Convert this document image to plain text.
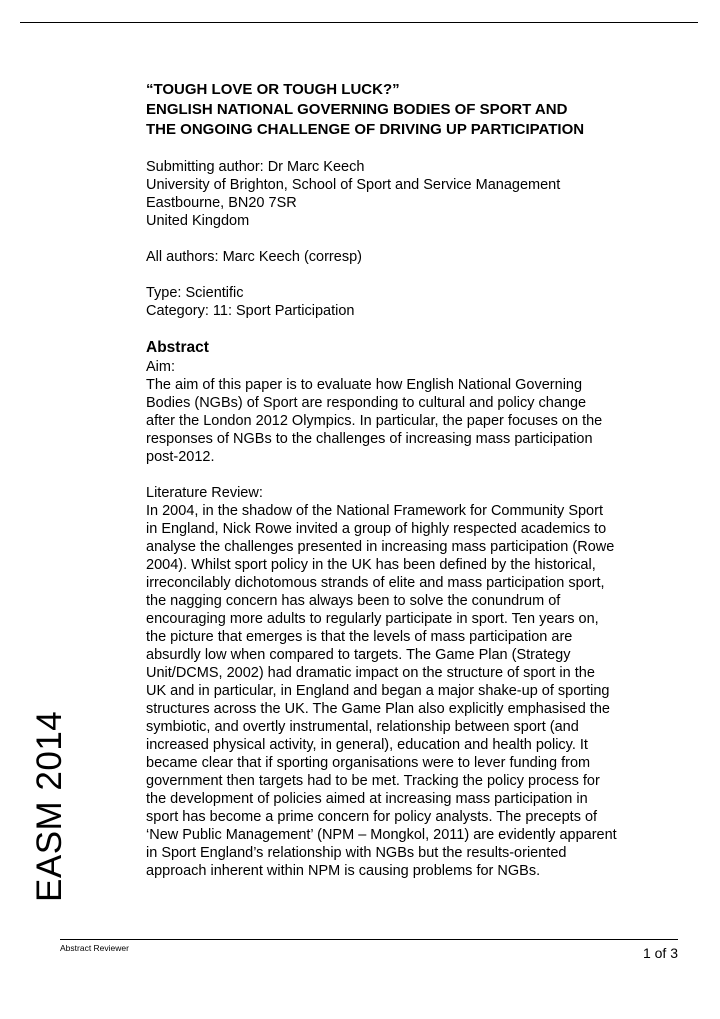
“TOUGH LOVE OR TOUGH LUCK?”
ENGLISH NATIONAL GOVERNING BODIES OF SPORT AND
THE ONGOING CHALLENGE OF DRIVING UP PARTICIPATION
Submitting author: Dr Marc Keech
University of Brighton, School of Sport and Service Management
Eastbourne, BN20 7SR
United Kingdom
All authors: Marc Keech (corresp)
Type: Scientific
Category: 11: Sport Participation
Abstract
Aim:
The aim of this paper is to evaluate how English National Governing
Bodies (NGBs) of Sport are responding to cultural and policy change
after the London 2012 Olympics. In particular, the paper focuses on the
responses of NGBs to the challenges of increasing mass participation
post-2012.
Literature Review:
In 2004, in the shadow of the National Framework for Community Sport
in England, Nick Rowe invited a group of highly respected academics to
analyse the challenges presented in increasing mass participation (Rowe
2004). Whilst sport policy in the UK has been defined by the historical,
irreconcilably dichotomous strands of elite and mass participation sport,
the nagging concern has always been to solve the conundrum of
encouraging more adults to regularly participate in sport. Ten years on,
the picture that emerges is that the levels of mass participation are
absurdly low when compared to targets. The Game Plan (Strategy
Unit/DCMS, 2002) had dramatic impact on the structure of sport in the
UK and in particular, in England and began a major shake-up of sporting
structures across the UK. The Game Plan also explicitly emphasised the
symbiotic, and overtly instrumental, relationship between sport (and
increased physical activity, in general), education and health policy. It
became clear that if sporting organisations were to lever funding from
government then targets had to be met. Tracking the policy process for
the development of policies aimed at increasing mass participation in
sport has become a prime concern for policy analysts. The precepts of
‘New Public Management’ (NPM – Mongkol, 2011) are evidently apparent
in Sport England’s relationship with NGBs but the results-oriented
approach inherent within NPM is causing problems for NGBs.
EASM 2014
Abstract Reviewer	1 of 3
